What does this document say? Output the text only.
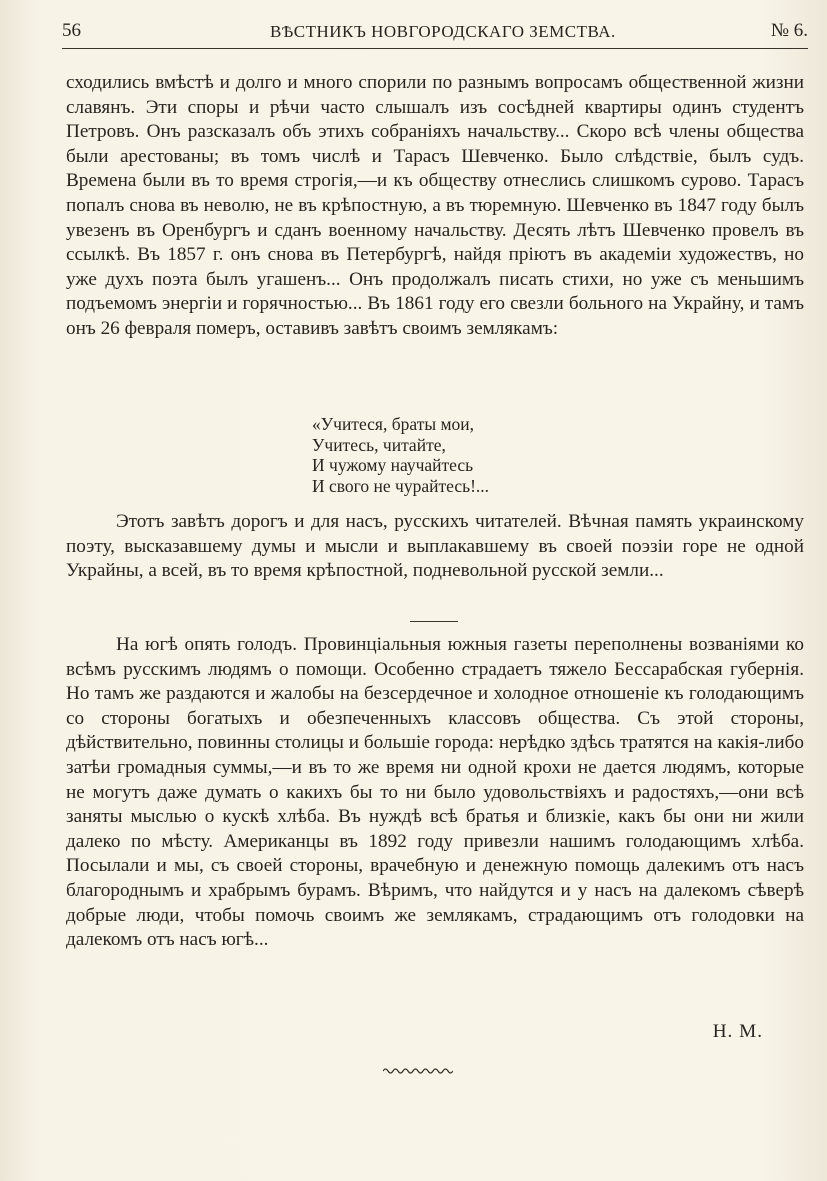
56	ВѢСТНИКЪ НОВГОРОДСКАГО ЗЕМСТВА.	№ 6.

сходились вмѣстѣ и долго и много спорили по разнымъ вопросамъ общественной жизни славянъ. Эти споры и рѣчи часто слышалъ изъ сосѣдней квартиры одинъ студентъ Петровъ. Онъ разсказалъ объ этихъ собраніяхъ начальству... Скоро всѣ члены общества были арестованы; въ томъ числѣ и Тарасъ Шевченко. Было слѣдствіе, былъ судъ. Времена были въ то время строгія,—и къ обществу отнеслись слишкомъ сурово. Тарасъ попалъ снова въ неволю, не въ крѣпостную, а въ тюремную. Шевченко въ 1847 году былъ увезенъ въ Оренбургъ и сданъ военному начальству. Десять лѣтъ Шевченко провелъ въ ссылкѣ. Въ 1857 г. онъ снова въ Петербургѣ, найдя пріютъ въ академіи художествъ, но уже духъ поэта былъ угашенъ... Онъ продолжалъ писать стихи, но уже съ меньшимъ подъемомъ энергіи и горячностью... Въ 1861 году его свезли больного на Украйну, и тамъ онъ 26 февраля померъ, оставивъ завѣтъ своимъ землякамъ:

«Учитеся, браты мои,
Учитесь, читайте,
И чужому научайтесь
И свого не чурайтесь!...

Этотъ завѣтъ дорогъ и для насъ, русскихъ читателей. Вѣчная память украинскому поэту, высказавшему думы и мысли и выплакавшему въ своей поэзіи горе не одной Украйны, а всей, въ то время крѣпостной, подневольной русской земли...

На югѣ опять голодъ. Провинціальныя южныя газеты переполнены возваніями ко всѣмъ русскимъ людямъ о помощи. Особенно страдаетъ тяжело Бессарабская губернія. Но тамъ же раздаются и жалобы на безсердечное и холодное отношеніе къ голодающимъ со стороны богатыхъ и обезпеченныхъ классовъ общества. Съ этой стороны, дѣйствительно, повинны столицы и большіе города: нерѣдко здѣсь тратятся на какія-либо затѣи громадныя суммы,—и въ то же время ни одной крохи не дается людямъ, которые не могутъ даже думать о какихъ бы то ни было удовольствіяхъ и радостяхъ,—они всѣ заняты мыслью о кускѣ хлѣба. Въ нуждѣ всѣ братья и близкіе, какъ бы они ни жили далеко по мѣсту. Американцы въ 1892 году привезли нашимъ голодающимъ хлѣба. Посылали и мы, съ своей стороны, врачебную и денежную помощь далекимъ отъ насъ благороднымъ и храбрымъ бурамъ. Вѣримъ, что найдутся и у насъ на далекомъ сѣверѣ добрые люди, чтобы помочь своимъ же землякамъ, страдающимъ отъ голодовки на далекомъ отъ насъ югѣ...

Н. М.
